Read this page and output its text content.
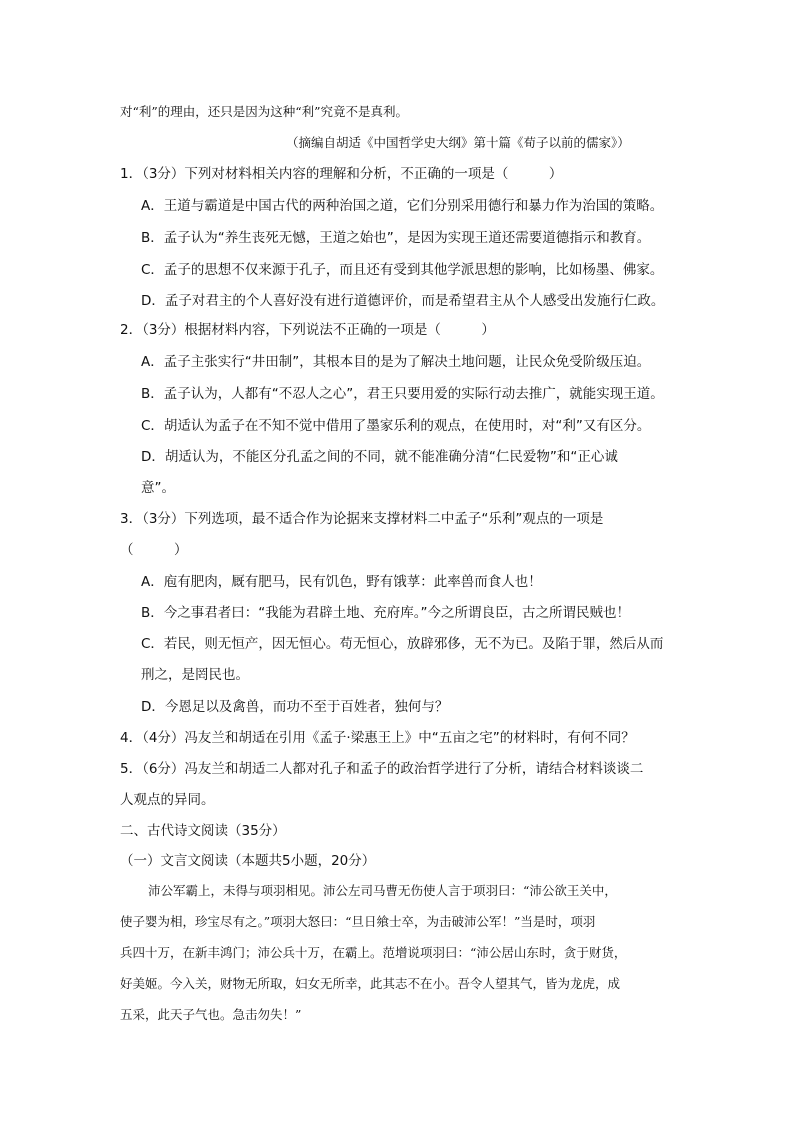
对“利”的理由，还只是因为这种“利”究竟不是真利。
（摘编自胡适《中国哲学史大纲》第十篇《荀子以前的儒家》）
1．（3分）下列对材料相关内容的理解和分析，不正确的一项是（　　　）
A．王道与霸道是中国古代的两种治国之道，它们分别采用德行和暴力作为治国的策略。
B．孟子认为“养生丧死无憾，王道之始也”，是因为实现王道还需要道德指示和教育。
C．孟子的思想不仅来源于孔子，而且还有受到其他学派思想的影响，比如杨墨、佛家。
D．孟子对君主的个人喜好没有进行道德评价，而是希望君主从个人感受出发施行仁政。
2．（3分）根据材料内容，下列说法不正确的一项是（　　　）
A．孟子主张实行“井田制”，其根本目的是为了解决土地问题，让民众免受阶级压迫。
B．孟子认为，人都有“不忍人之心”，君王只要用爱的实际行动去推广，就能实现王道。
C．胡适认为孟子在不知不觉中借用了墨家乐利的观点，在使用时，对“利”又有区分。
D．胡适认为，不能区分孔孟之间的不同，就不能准确分清“仁民爱物”和“正心诚
意”。
3．（3分）下列选项，最不适合作为论据来支撑材料二中孟子“乐利”观点的一项是
（　　　）
A．庖有肥肉，厩有肥马，民有饥色，野有饿莩：此率兽而食人也！
B．今之事君者曰：“我能为君辟土地、充府库。”今之所谓良臣，古之所谓民贼也！
C．若民，则无恒产，因无恒心。苟无恒心，放辟邪侈，无不为已。及陷于罪，然后从而
刑之，是罔民也。
D．今恩足以及禽兽，而功不至于百姓者，独何与？
4．（4分）冯友兰和胡适在引用《孟子·梁惠王上》中“五亩之宅”的材料时，有何不同？
5．（6分）冯友兰和胡适二人都对孔子和孟子的政治哲学进行了分析，请结合材料谈谈二
人观点的异同。
二、古代诗文阅读（35分）
（一）文言文阅读（本题共5小题，20分）
沛公军霸上，未得与项羽相见。沛公左司马曹无伤使人言于项羽曰：“沛公欲王关中，
使子婴为相，珍宝尽有之。”项羽大怒曰：“旦日飨士卒，为击破沛公军！”当是时，项羽
兵四十万，在新丰鸿门；沛公兵十万，在霸上。范增说项羽曰：“沛公居山东时，贪于财货，
好美姬。今入关，财物无所取，妇女无所幸，此其志不在小。吾令人望其气，皆为龙虎，成
五采，此天子气也。急击勿失！”
